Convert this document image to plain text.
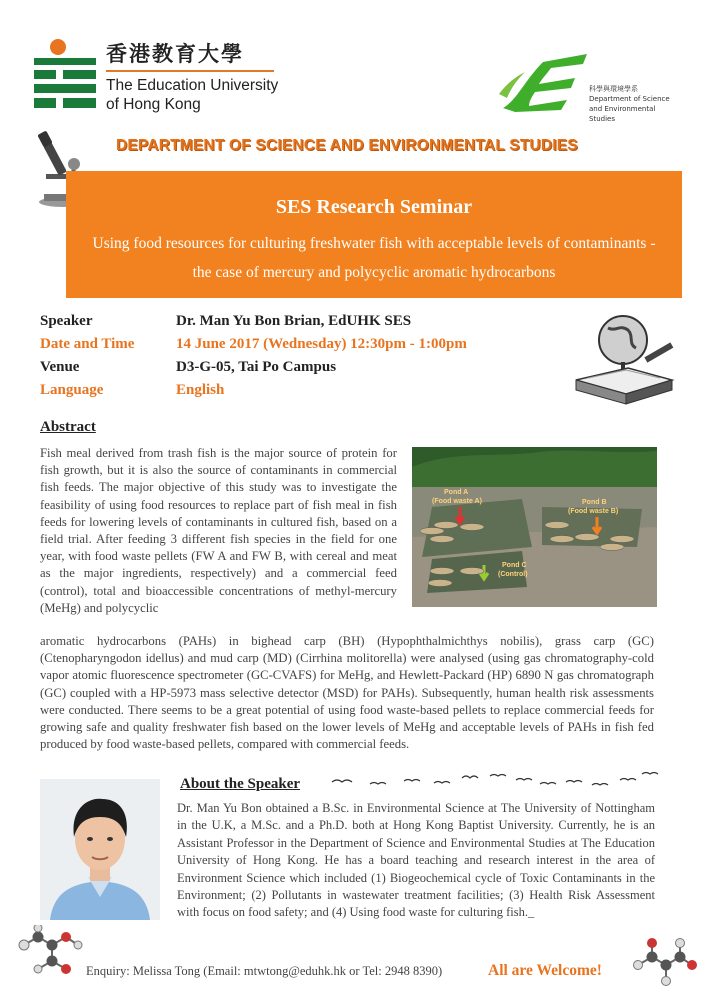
香港教育大學
The Education University
of Hong Kong
科學與環境學系
Department of Science
and Environmental Studies
DEPARTMENT OF SCIENCE AND ENVIRONMENTAL STUDIES
SES Research Seminar
Using food resources for culturing freshwater fish with acceptable levels of contaminants - the case of mercury and polycyclic aromatic hydrocarbons
Speaker	Dr. Man Yu Bon Brian, EdUHK SES
Date and Time	14 June 2017 (Wednesday) 12:30pm - 1:00pm
Venue	D3-G-05, Tai Po Campus
Language	English
Abstract
Fish meal derived from trash fish is the major source of protein for fish growth, but it is also the source of contaminants in commercial fish feeds. The major objective of this study was to investigate the feasibility of using food resources to replace part of fish meal in fish feeds for lowering levels of contaminants in cultured fish, based on a field trial. After feeding 3 different fish species in the field for one year, with food waste pellets (FW A and FW B, with cereal and meat as the major ingredients, respectively) and a commercial feed (control), total and bioaccessible concentrations of methyl-mercury (MeHg) and polycyclic
Pond A
(Food waste A)	Pond B
(Food waste B)
Pond C
(Control)
aromatic hydrocarbons (PAHs) in bighead carp (BH) (Hypophthalmichthys nobilis), grass carp (GC) (Ctenopharyngodon idellus) and mud carp (MD) (Cirrhina molitorella) were analysed (using gas chromatography-cold vapor atomic fluorescence spectrometer (GC-CVAFS) for MeHg, and Hewlett-Packard (HP) 6890 N gas chromatograph (GC) coupled with a HP-5973 mass selective detector (MSD) for PAHs). Subsequently, human health risk assessments were conducted. There seems to be a great potential of using food waste-based pellets to replace commercial feeds for growing safe and quality freshwater fish based on the lower levels of MeHg and acceptable levels of PAHs in fish fed produced by food waste-based pellets, compared with commercial feeds.
About the Speaker
Dr. Man Yu Bon obtained a B.Sc. in Environmental Science at The University of Nottingham in the U.K, a M.Sc. and a Ph.D. both at Hong Kong Baptist University. Currently, he is an Assistant Professor in the Department of Science and Environmental Studies at The Education University of Hong Kong. He has a board teaching and research interest in the area of Environment Science which included (1) Biogeochemical cycle of Toxic Contaminants in the Environment; (2) Pollutants in wastewater treatment facilities; (3) Health Risk Assessment with focus on food safety; and (4) Using food waste for culturing fish._
Enquiry: Melissa Tong (Email: mtwtong@eduhk.hk or Tel: 2948 8390)	All are Welcome!
